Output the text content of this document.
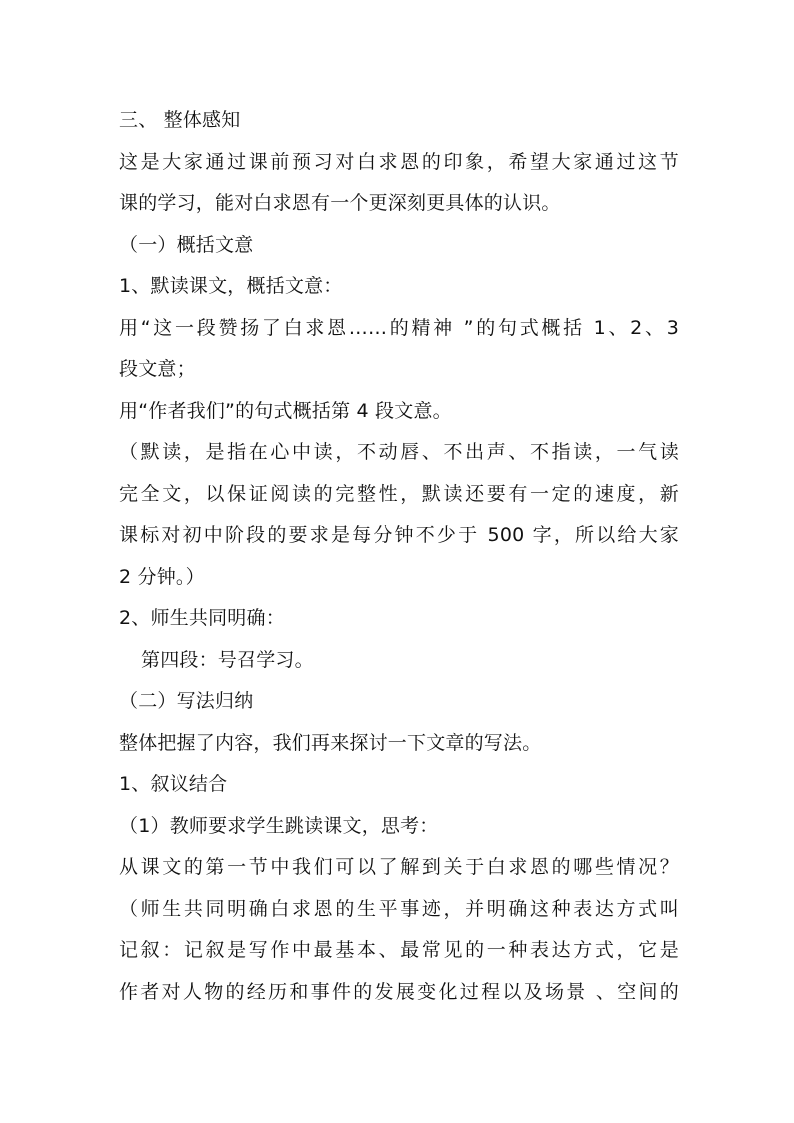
三、 整体感知
这是大家通过课前预习对白求恩的印象，希望大家通过这节
课的学习，能对白求恩有一个更深刻更具体的认识。
（一）概括文意
1、默读课文，概括文意：
用“这一段赞扬了白求恩……的精神 ”的句式概括 1、2、3
段文意；
用“作者我们”的句式概括第 4 段文意。
（默读，是指在心中读，不动唇、不出声、不指读，一气读
完全文，以保证阅读的完整性，默读还要有一定的速度，新
课标对初中阶段的要求是每分钟不少于 500 字，所以给大家
2 分钟。）
2、师生共同明确：
第四段：号召学习。
（二）写法归纳
整体把握了内容，我们再来探讨一下文章的写法。
1、叙议结合
（1）教师要求学生跳读课文，思考：
从课文的第一节中我们可以了解到关于白求恩的哪些情况？
（师生共同明确白求恩的生平事迹，并明确这种表达方式叫
记叙：记叙是写作中最基本、最常见的一种表达方式，它是
作者对人物的经历和事件的发展变化过程以及场景 、空间的
